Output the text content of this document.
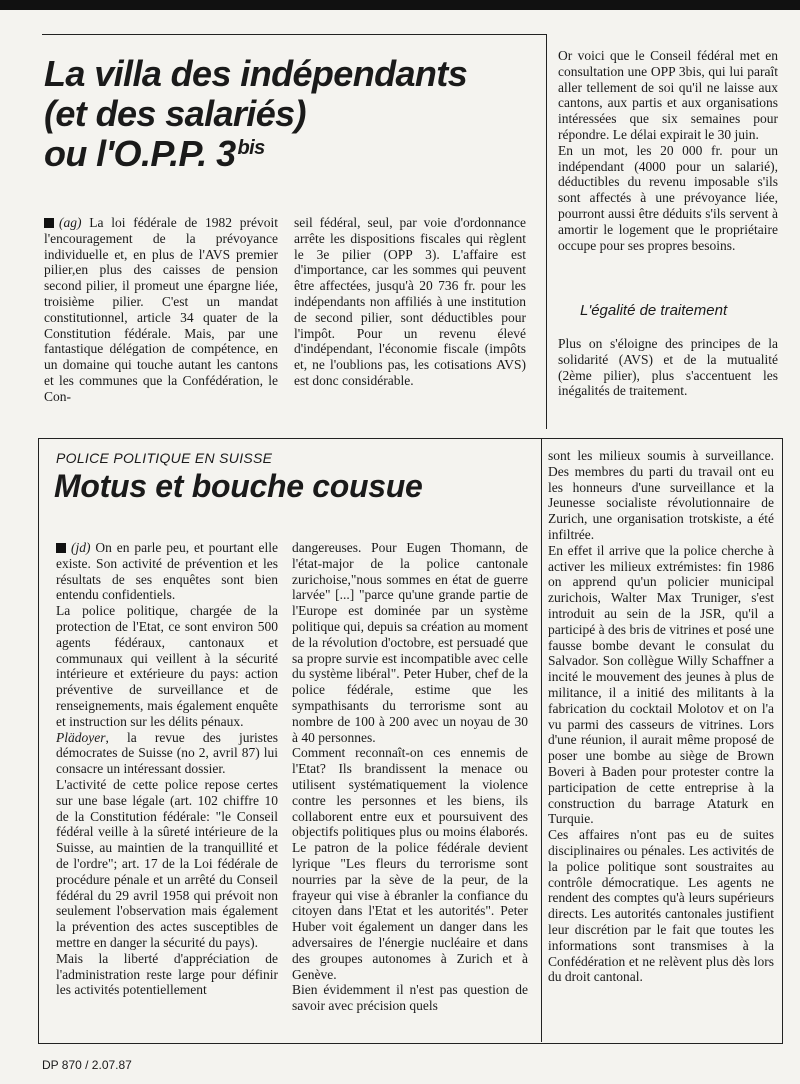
La villa des indépendants
(et des salariés)
ou l'O.P.P. 3 $^{bis}$

(ag) La loi fédérale de 1982 prévoit l'encouragement de la prévoyance individuelle et, en plus de l'AVS premier pilier,en plus des caisses de pension second pilier, il promeut une épargne liée, troisième pilier. C'est un mandat constitutionnel, article 34 quater de la Constitution fédérale. Mais, par une fantastique délégation de compétence, en un domaine qui touche autant les cantons et les communes que la Confédération, le Con-

seil fédéral, seul, par voie d'ordonnance arrête les dispositions fiscales qui règlent le 3e pilier (OPP 3). L'affaire est d'importance, car les sommes qui peuvent être affectées, jusqu'à 20 736 fr. pour les indépendants non affiliés à une institution de second pilier, sont déductibles pour l'impôt. Pour un revenu élevé d'indépendant, l'économie fiscale (impôts et, ne l'oublions pas, les cotisations AVS) est donc considérable.

Or voici que le Conseil fédéral met en consultation une OPP 3bis, qui lui paraît aller tellement de soi qu'il ne laisse aux cantons, aux partis et aux organisations intéressées que six semaines pour répondre. Le délai expirait le 30 juin.

En un mot, les 20 000 fr. pour un indépendant (4000 pour un salarié), déductibles du revenu imposable s'ils sont affectés à une prévoyance liée, pourront aussi être déduits s'ils servent à amortir le logement que le propriétaire occupe pour ses propres besoins.

L'égalité de traitement

Plus on s'éloigne des principes de la solidarité (AVS) et de la mutualité (2ème pilier), plus s'accentuent les inégalités de traitement.

POLICE POLITIQUE EN SUISSE
Motus et bouche cousue

(jd) On en parle peu, et pourtant elle existe. Son activité de prévention et les résultats de ses enquêtes sont bien entendu confidentiels.

La police politique, chargée de la protection de l'Etat, ce sont environ 500 agents fédéraux, cantonaux et communaux qui veillent à la sécurité intérieure et extérieure du pays: action préventive de surveillance et de renseignements, mais également enquête et instruction sur les délits pénaux.

Plädoyer, la revue des juristes démocrates de Suisse (no 2, avril 87) lui consacre un intéressant dossier.

L'activité de cette police repose certes sur une base légale (art. 102 chiffre 10 de la Constitution fédérale: "le Conseil fédéral veille à la sûreté intérieure de la Suisse, au maintien de la tranquillité et de l'ordre"; art. 17 de la Loi fédérale de procédure pénale et un arrêté du Conseil fédéral du 29 avril 1958 qui prévoit non seulement l'observation mais également la prévention des actes susceptibles de mettre en danger la sécurité du pays).

Mais la liberté d'appréciation de l'administration reste large pour définir les activités potentiellement

dangereuses. Pour Eugen Thomann, de l'état-major de la police cantonale zurichoise,"nous sommes en état de guerre larvée" [...] "parce qu'une grande partie de l'Europe est dominée par un système politique qui, depuis sa création au moment de la révolution d'octobre, est persuadé que sa propre survie est incompatible avec celle du système libéral". Peter Huber, chef de la police fédérale, estime que les sympathisants du terrorisme sont au nombre de 100 à 200 avec un noyau de 30 à 40 personnes.

Comment reconnaît-on ces ennemis de l'Etat? Ils brandissent la menace ou utilisent systématiquement la violence contre les personnes et les biens, ils collaborent entre eux et poursuivent des objectifs politiques plus ou moins élaborés. Le patron de la police fédérale devient lyrique "Les fleurs du terrorisme sont nourries par la sève de la peur, de la frayeur qui vise à ébranler la confiance du citoyen dans l'Etat et les autorités". Peter Huber voit également un danger dans les adversaires de l'énergie nucléaire et dans des groupes autonomes à Zurich et à Genève.

Bien évidemment il n'est pas question de savoir avec précision quels

sont les milieux soumis à surveillance. Des membres du parti du travail ont eu les honneurs d'une surveillance et la Jeunesse socialiste révolutionnaire de Zurich, une organisation trotskiste, a été infiltrée.

En effet il arrive que la police cherche à activer les milieux extrémistes: fin 1986 on apprend qu'un policier municipal zurichois, Walter Max Truniger, s'est introduit au sein de la JSR, qu'il a participé à des bris de vitrines et posé une fausse bombe devant le consulat du Salvador. Son collègue Willy Schaffner a incité le mouvement des jeunes à plus de militance, il a initié des militants à la fabrication du cocktail Molotov et on l'a vu parmi des casseurs de vitrines. Lors d'une réunion, il aurait même proposé de poser une bombe au siège de Brown Boveri à Baden pour protester contre la participation de cette entreprise à la construction du barrage Ataturk en Turquie.

Ces affaires n'ont pas eu de suites disciplinaires ou pénales. Les activités de la police politique sont soustraites au contrôle démocratique. Les agents ne rendent des comptes qu'à leurs supérieurs directs. Les autorités cantonales justifient leur discrétion par le fait que toutes les informations sont transmises à la Confédération et ne relèvent plus dès lors du droit cantonal.

DP 870 / 2.07.87
